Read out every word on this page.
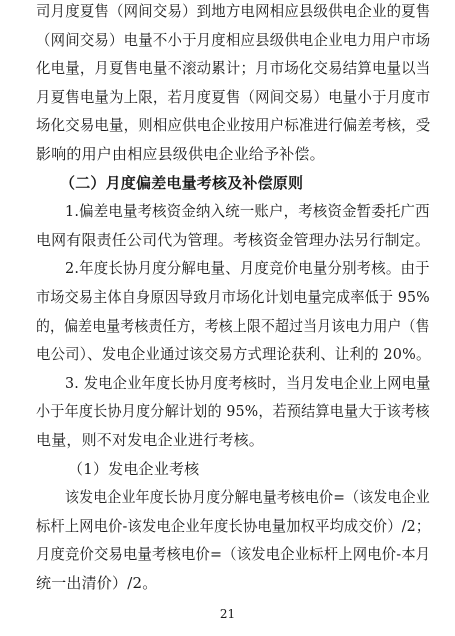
司月度夏售（网间交易）到地方电网相应县级供电企业的夏售
（网间交易）电量不小于月度相应县级供电企业电力用户市场
化电量，月夏售电量不滚动累计；月市场化交易结算电量以当
月夏售电量为上限，若月度夏售（网间交易）电量小于月度市
场化交易电量，则相应供电企业按用户标准进行偏差考核，受
影响的用户由相应县级供电企业给予补偿。
（二）月度偏差电量考核及补偿原则
1.偏差电量考核资金纳入统一账户，考核资金暂委托广西
电网有限责任公司代为管理。考核资金管理办法另行制定。
2.年度长协月度分解电量、月度竞价电量分别考核。由于
市场交易主体自身原因导致月市场化计划电量完成率低于 95%
的，偏差电量考核责任方，考核上限不超过当月该电力用户（售
电公司）、发电企业通过该交易方式理论获利、让利的 20%。
3. 发电企业年度长协月度考核时，当月发电企业上网电量
小于年度长协月度分解计划的 95%，若预结算电量大于该考核
电量，则不对发电企业进行考核。
（1）发电企业考核
该发电企业年度长协月度分解电量考核电价=（该发电企业
标杆上网电价-该发电企业年度长协电量加权平均成交价）/2；
月度竞价交易电量考核电价=（该发电企业标杆上网电价-本月
统一出清价）/2。
21
